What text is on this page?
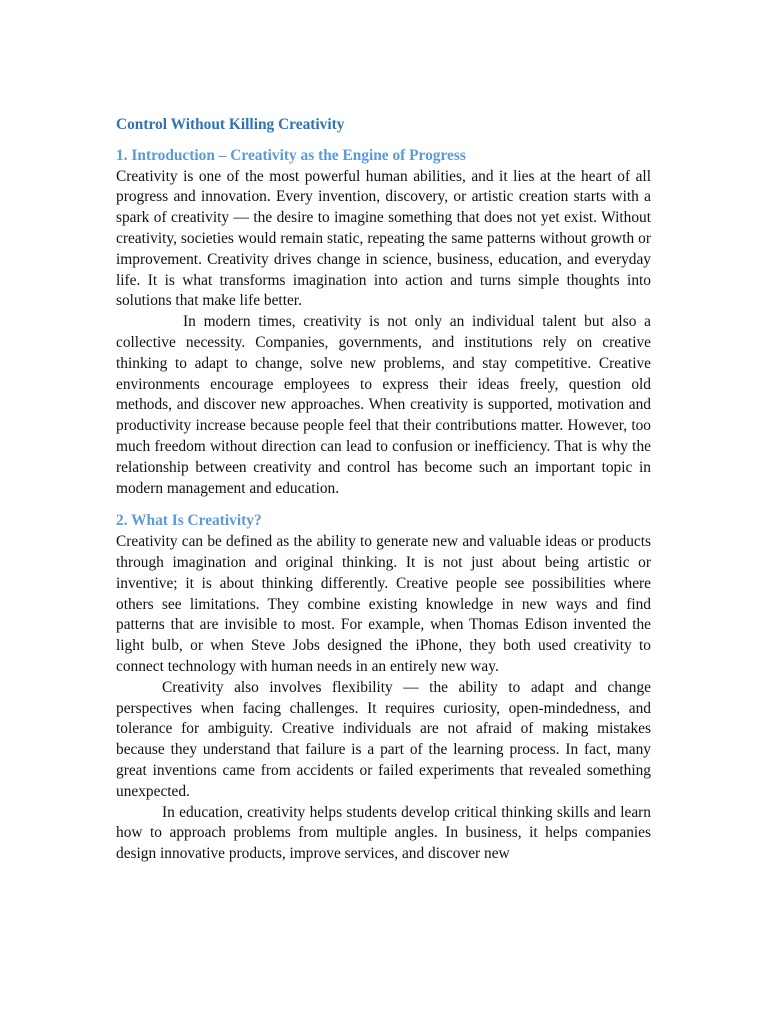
Control Without Killing Creativity
1. Introduction – Creativity as the Engine of Progress

Creativity is one of the most powerful human abilities, and it lies at the heart of all progress and innovation. Every invention, discovery, or artistic creation starts with a spark of creativity — the desire to imagine something that does not yet exist. Without creativity, societies would remain static, repeating the same patterns without growth or improvement. Creativity drives change in science, business, education, and everyday life. It is what transforms imagination into action and turns simple thoughts into solutions that make life better.

In modern times, creativity is not only an individual talent but also a collective necessity. Companies, governments, and institutions rely on creative thinking to adapt to change, solve new problems, and stay competitive. Creative environments encourage employees to express their ideas freely, question old methods, and discover new approaches. When creativity is supported, motivation and productivity increase because people feel that their contributions matter. However, too much freedom without direction can lead to confusion or inefficiency. That is why the relationship between creativity and control has become such an important topic in modern management and education.

2. What Is Creativity?

Creativity can be defined as the ability to generate new and valuable ideas or products through imagination and original thinking. It is not just about being artistic or inventive; it is about thinking differently. Creative people see possibilities where others see limitations. They combine existing knowledge in new ways and find patterns that are invisible to most. For example, when Thomas Edison invented the light bulb, or when Steve Jobs designed the iPhone, they both used creativity to connect technology with human needs in an entirely new way.

Creativity also involves flexibility — the ability to adapt and change perspectives when facing challenges. It requires curiosity, open-mindedness, and tolerance for ambiguity. Creative individuals are not afraid of making mistakes because they understand that failure is a part of the learning process. In fact, many great inventions came from accidents or failed experiments that revealed something unexpected.

In education, creativity helps students develop critical thinking skills and learn how to approach problems from multiple angles. In business, it helps companies design innovative products, improve services, and discover new
